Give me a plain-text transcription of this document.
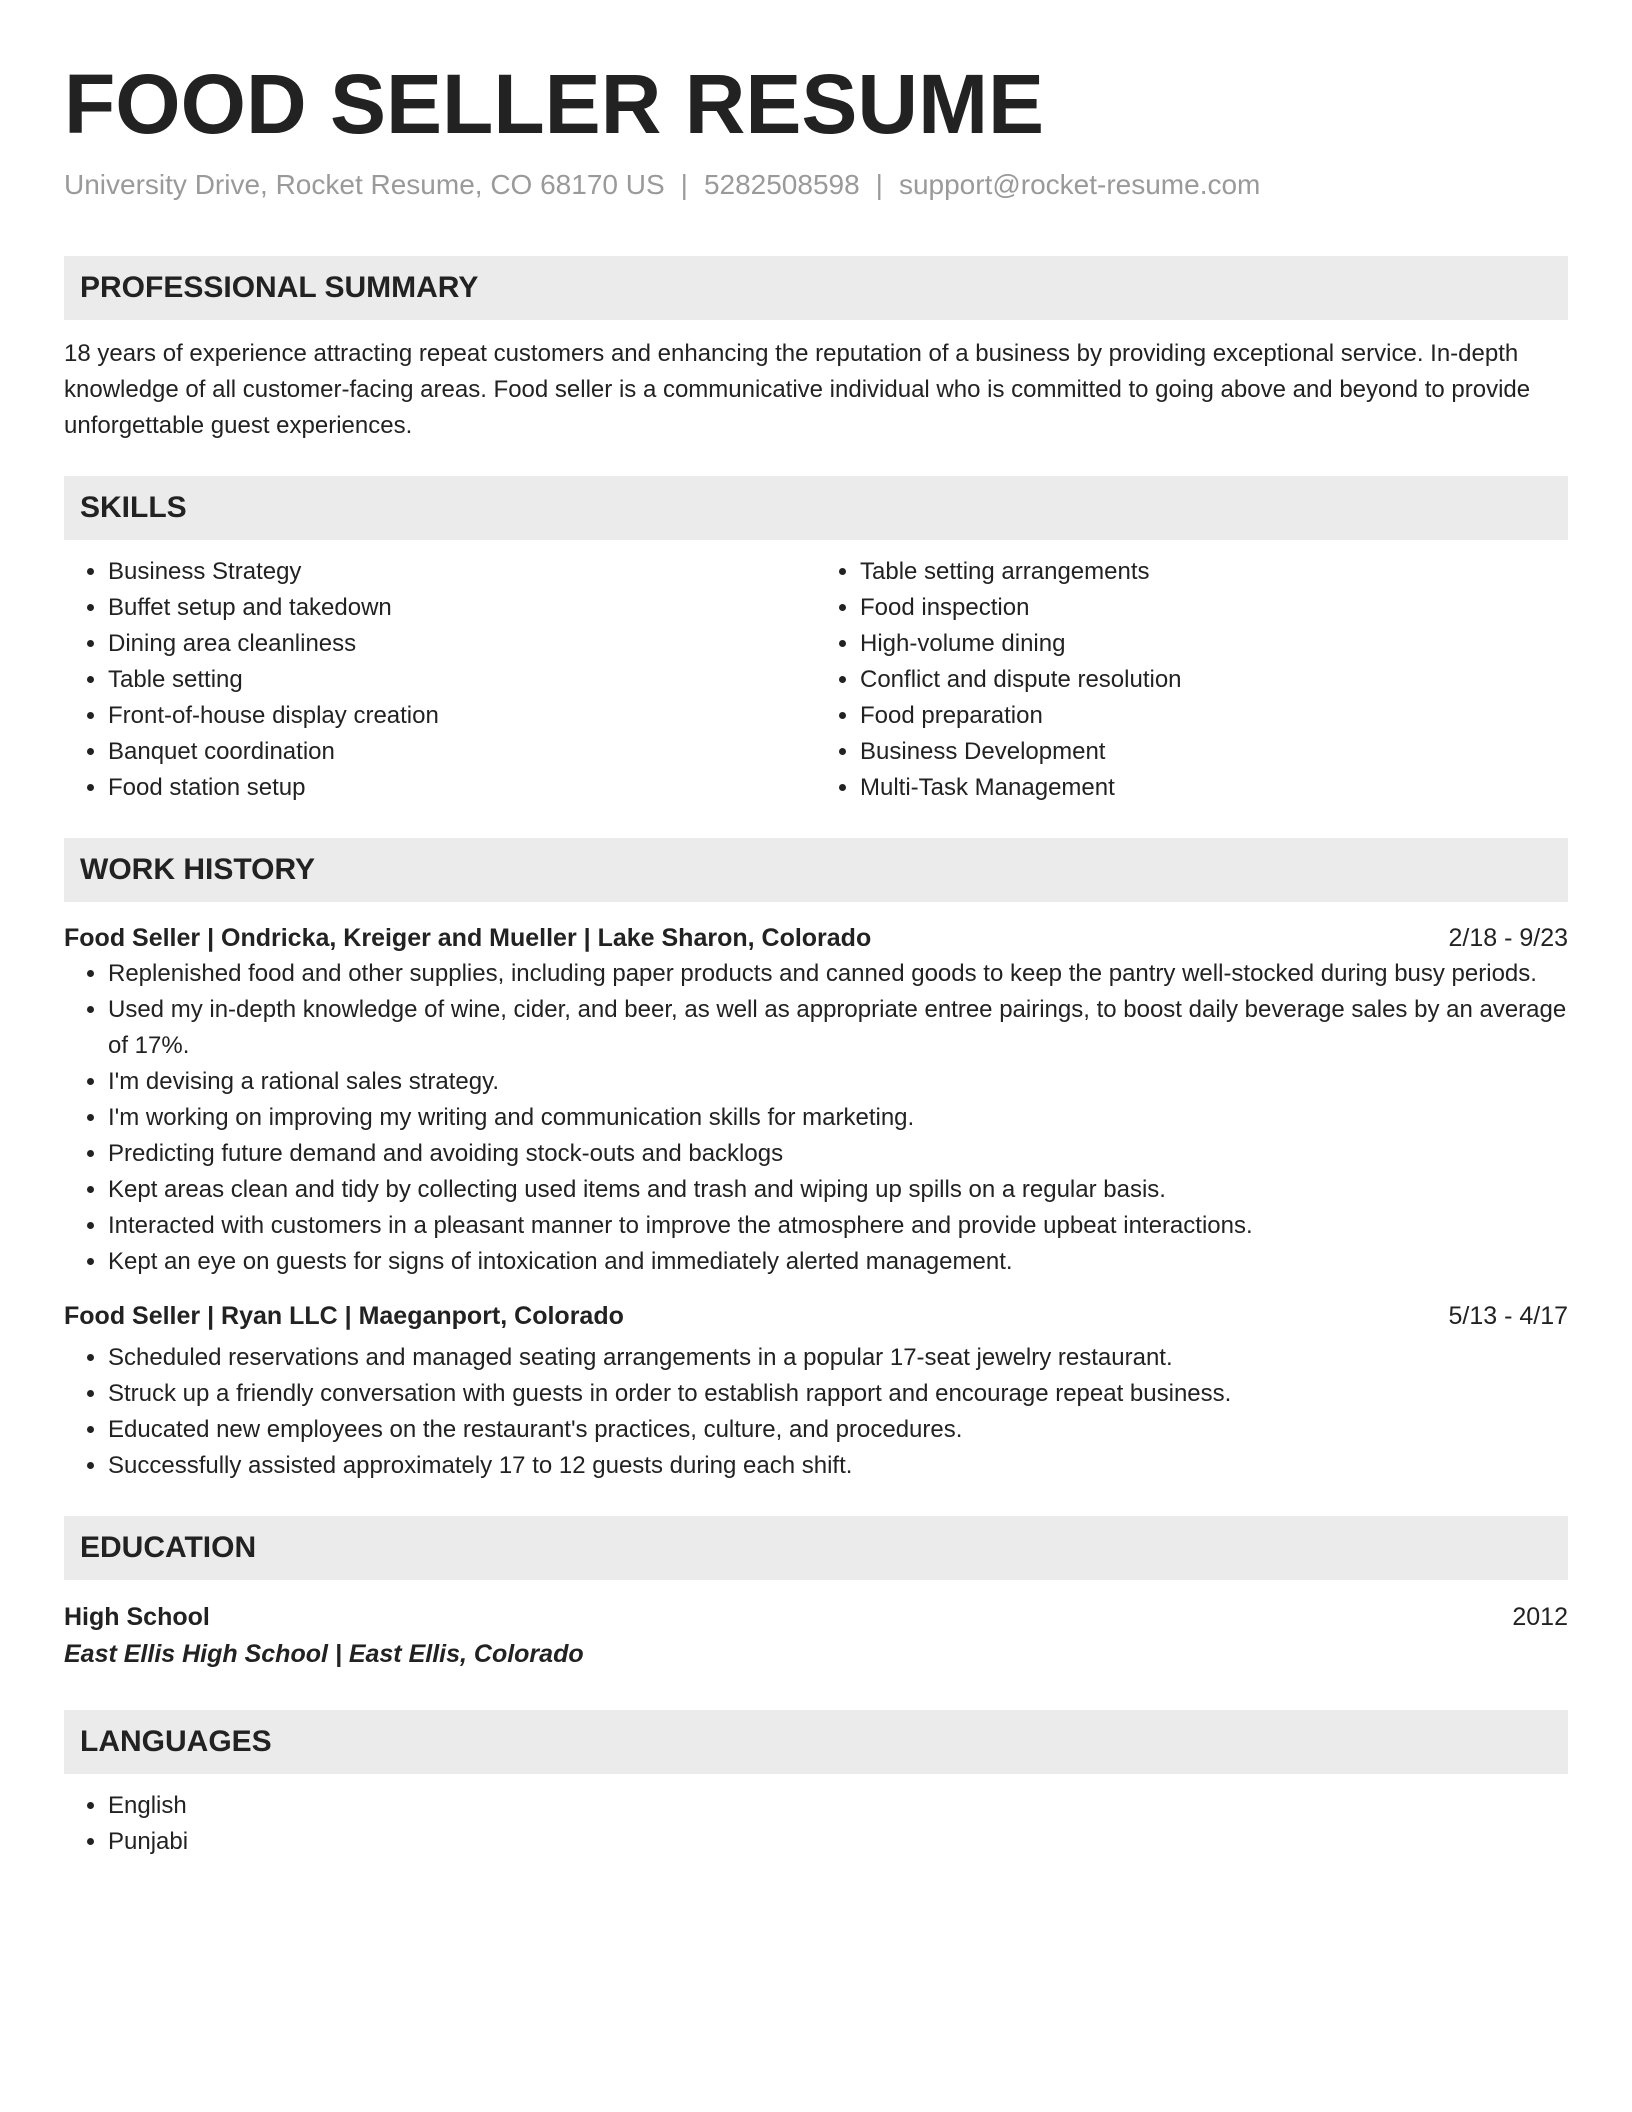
FOOD SELLER RESUME
University Drive, Rocket Resume, CO 68170 US | 5282508598 | support@rocket-resume.com
PROFESSIONAL SUMMARY

18 years of experience attracting repeat customers and enhancing the reputation of a business by providing exceptional service. In-depth knowledge of all customer-facing areas. Food seller is a communicative individual who is committed to going above and beyond to provide unforgettable guest experiences.

SKILLS
• Business Strategy
• Buffet setup and takedown
• Dining area cleanliness
• Table setting
• Front-of-house display creation
• Banquet coordination
• Food station setup
• Table setting arrangements
• Food inspection
• High-volume dining
• Conflict and dispute resolution
• Food preparation
• Business Development
• Multi-Task Management
WORK HISTORY
Food Seller | Ondricka, Kreiger and Mueller | Lake Sharon, Colorado	2/18 - 9/23
• Replenished food and other supplies, including paper products and canned goods to keep the pantry well-stocked during busy periods.
• Used my in-depth knowledge of wine, cider, and beer, as well as appropriate entree pairings, to boost daily beverage sales by an average of 17%.
• I'm devising a rational sales strategy.
• I'm working on improving my writing and communication skills for marketing.
• Predicting future demand and avoiding stock-outs and backlogs
• Kept areas clean and tidy by collecting used items and trash and wiping up spills on a regular basis.
• Interacted with customers in a pleasant manner to improve the atmosphere and provide upbeat interactions.
• Kept an eye on guests for signs of intoxication and immediately alerted management.
Food Seller | Ryan LLC | Maeganport, Colorado	5/13 - 4/17
• Scheduled reservations and managed seating arrangements in a popular 17-seat jewelry restaurant.
• Struck up a friendly conversation with guests in order to establish rapport and encourage repeat business.
• Educated new employees on the restaurant's practices, culture, and procedures.
• Successfully assisted approximately 17 to 12 guests during each shift.
EDUCATION
High School	2012
East Ellis High School | East Ellis, Colorado
LANGUAGES
• English
• Punjabi
